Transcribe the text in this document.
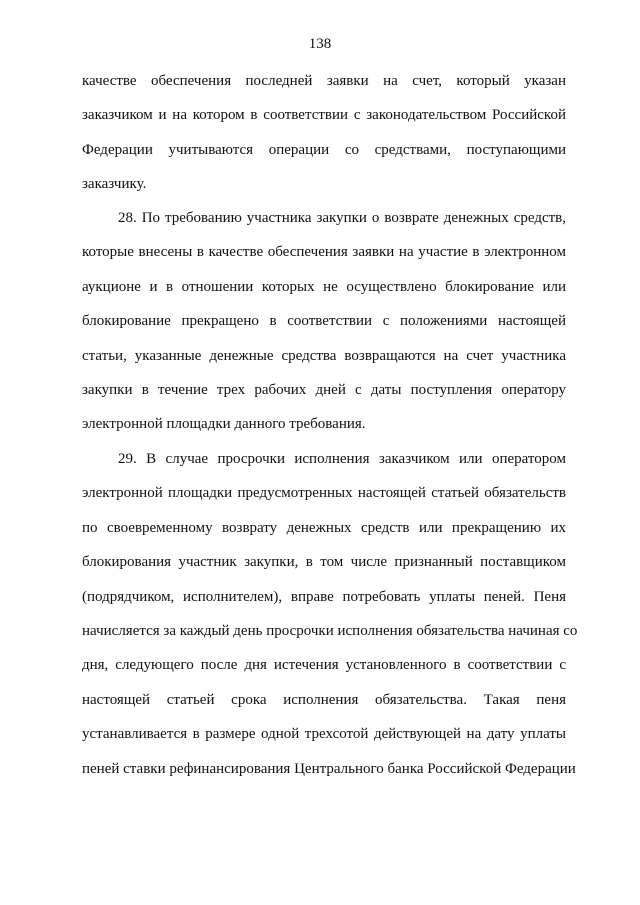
138
качестве обеспечения последней заявки на счет, который указан
заказчиком и на котором в соответствии с законодательством Российской
Федерации учитываются операции со средствами, поступающими
заказчику.
28. По требованию участника закупки о возврате денежных средств,
которые внесены в качестве обеспечения заявки на участие в электронном
аукционе и в отношении которых не осуществлено блокирование или
блокирование прекращено в соответствии с положениями настоящей
статьи, указанные денежные средства возвращаются на счет участника
закупки в течение трех рабочих дней с даты поступления оператору
электронной площадки данного требования.
29. В случае просрочки исполнения заказчиком или оператором
электронной площадки предусмотренных настоящей статьей обязательств
по своевременному возврату денежных средств или прекращению их
блокирования участник закупки, в том числе признанный поставщиком
(подрядчиком, исполнителем), вправе потребовать уплаты пеней. Пеня
начисляется за каждый день просрочки исполнения обязательства начиная со
дня, следующего после дня истечения установленного в соответствии с
настоящей статьей срока исполнения обязательства. Такая пеня
устанавливается в размере одной трехсотой действующей на дату уплаты
пеней ставки рефинансирования Центрального банка Российской Федерации
